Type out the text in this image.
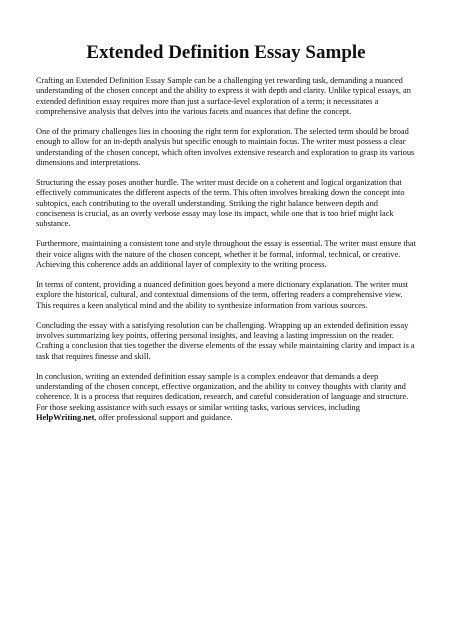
Extended Definition Essay Sample

Crafting an Extended Definition Essay Sample can be a challenging yet rewarding task, demanding a nuanced understanding of the chosen concept and the ability to express it with depth and clarity. Unlike typical essays, an extended definition essay requires more than just a surface-level exploration of a term; it necessitates a comprehensive analysis that delves into the various facets and nuances that define the concept.

One of the primary challenges lies in choosing the right term for exploration. The selected term should be broad enough to allow for an in-depth analysis but specific enough to maintain focus. The writer must possess a clear understanding of the chosen concept, which often involves extensive research and exploration to grasp its various dimensions and interpretations.

Structuring the essay poses another hurdle. The writer must decide on a coherent and logical organization that effectively communicates the different aspects of the term. This often involves breaking down the concept into subtopics, each contributing to the overall understanding. Striking the right balance between depth and conciseness is crucial, as an overly verbose essay may lose its impact, while one that is too brief might lack substance.

Furthermore, maintaining a consistent tone and style throughout the essay is essential. The writer must ensure that their voice aligns with the nature of the chosen concept, whether it be formal, informal, technical, or creative. Achieving this coherence adds an additional layer of complexity to the writing process.

In terms of content, providing a nuanced definition goes beyond a mere dictionary explanation. The writer must explore the historical, cultural, and contextual dimensions of the term, offering readers a comprehensive view. This requires a keen analytical mind and the ability to synthesize information from various sources.

Concluding the essay with a satisfying resolution can be challenging. Wrapping up an extended definition essay involves summarizing key points, offering personal insights, and leaving a lasting impression on the reader. Crafting a conclusion that ties together the diverse elements of the essay while maintaining clarity and impact is a task that requires finesse and skill.

In conclusion, writing an extended definition essay sample is a complex endeavor that demands a deep understanding of the chosen concept, effective organization, and the ability to convey thoughts with clarity and coherence. It is a process that requires dedication, research, and careful consideration of language and structure. For those seeking assistance with such essays or similar writing tasks, various services, including HelpWriting.net, offer professional support and guidance.
